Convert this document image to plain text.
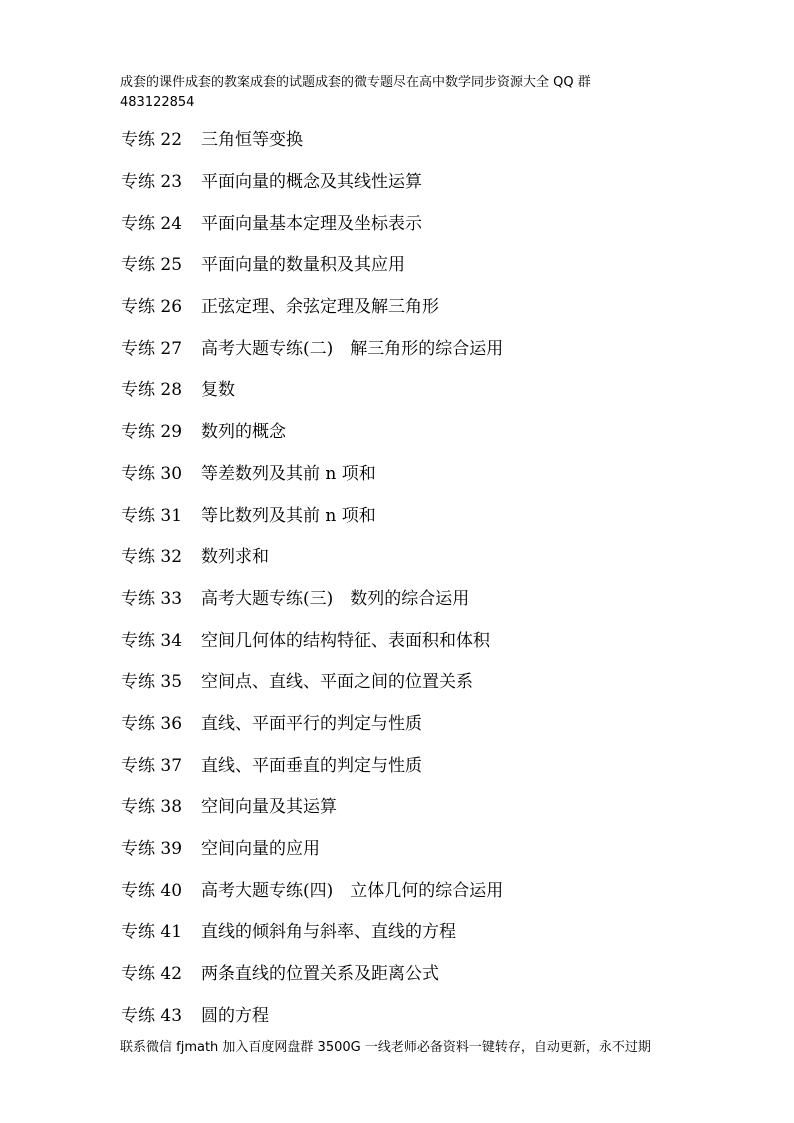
成套的课件成套的教案成套的试题成套的微专题尽在高中数学同步资源大全 QQ 群
483122854
专练 22	三角恒等变换
专练 23	平面向量的概念及其线性运算
专练 24	平面向量基本定理及坐标表示
专练 25	平面向量的数量积及其应用
专练 26	正弦定理、余弦定理及解三角形
专练 27	高考大题专练(二)　解三角形的综合运用
专练 28	复数
专练 29	数列的概念
专练 30	等差数列及其前 n 项和
专练 31	等比数列及其前 n 项和
专练 32	数列求和
专练 33	高考大题专练(三)　数列的综合运用
专练 34	空间几何体的结构特征、表面积和体积
专练 35	空间点、直线、平面之间的位置关系
专练 36	直线、平面平行的判定与性质
专练 37	直线、平面垂直的判定与性质
专练 38	空间向量及其运算
专练 39	空间向量的应用
专练 40	高考大题专练(四)　立体几何的综合运用
专练 41	直线的倾斜角与斜率、直线的方程
专练 42	两条直线的位置关系及距离公式
专练 43	圆的方程
联系微信 fjmath 加入百度网盘群 3500G 一线老师必备资料一键转存，自动更新，永不过期
